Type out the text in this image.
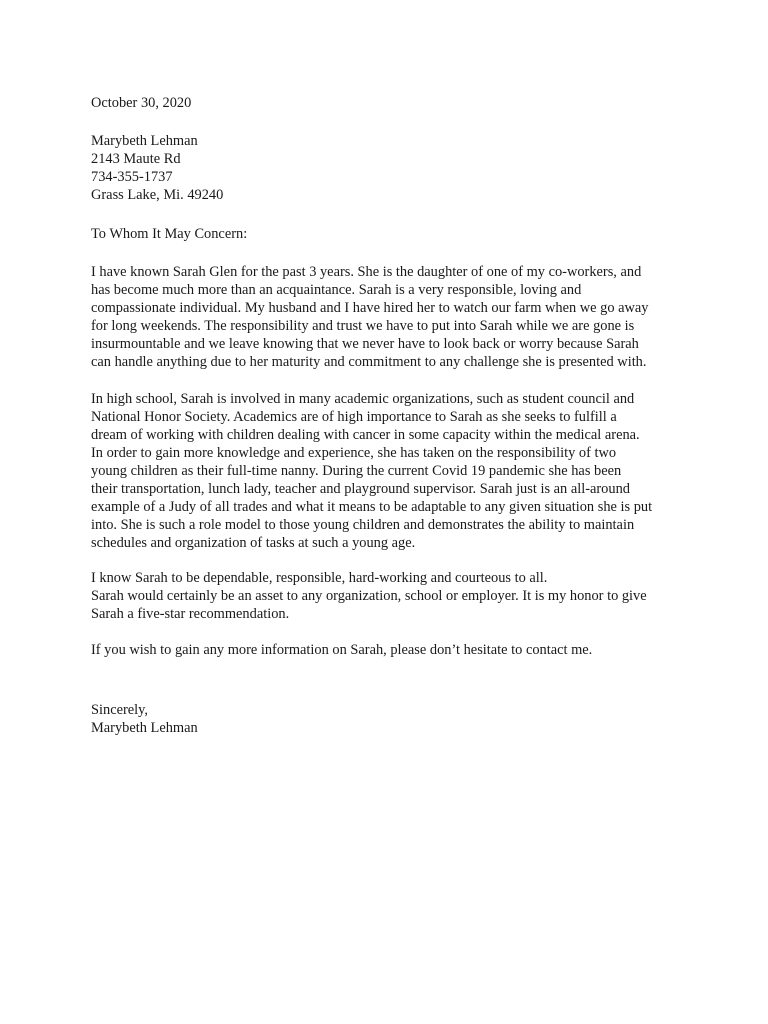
October 30, 2020
Marybeth Lehman
2143 Maute Rd
734-355-1737
Grass Lake, Mi. 49240
To Whom It May Concern:
I have known Sarah Glen for the past 3 years. She is the daughter of one of my co-workers, and
has become much more than an acquaintance. Sarah is a very responsible, loving and
compassionate individual. My husband and I have hired her to watch our farm when we go away
for long weekends. The responsibility and trust we have to put into Sarah while we are gone is
insurmountable and we leave knowing that we never have to look back or worry because Sarah
can handle anything due to her maturity and commitment to any challenge she is presented with.
In high school, Sarah is involved in many academic organizations, such as student council and
National Honor Society. Academics are of high importance to Sarah as she seeks to fulfill a
dream of working with children dealing with cancer in some capacity within the medical arena.
In order to gain more knowledge and experience, she has taken on the responsibility of two
young children as their full-time nanny. During the current Covid 19 pandemic she has been
their transportation, lunch lady, teacher and playground supervisor. Sarah just is an all-around
example of a Judy of all trades and what it means to be adaptable to any given situation she is put
into. She is such a role model to those young children and demonstrates the ability to maintain
schedules and organization of tasks at such a young age.
I know Sarah to be dependable, responsible, hard-working and courteous to all.
Sarah would certainly be an asset to any organization, school or employer. It is my honor to give
Sarah a five-star recommendation.
If you wish to gain any more information on Sarah, please don’t hesitate to contact me.
Sincerely,
Marybeth Lehman
